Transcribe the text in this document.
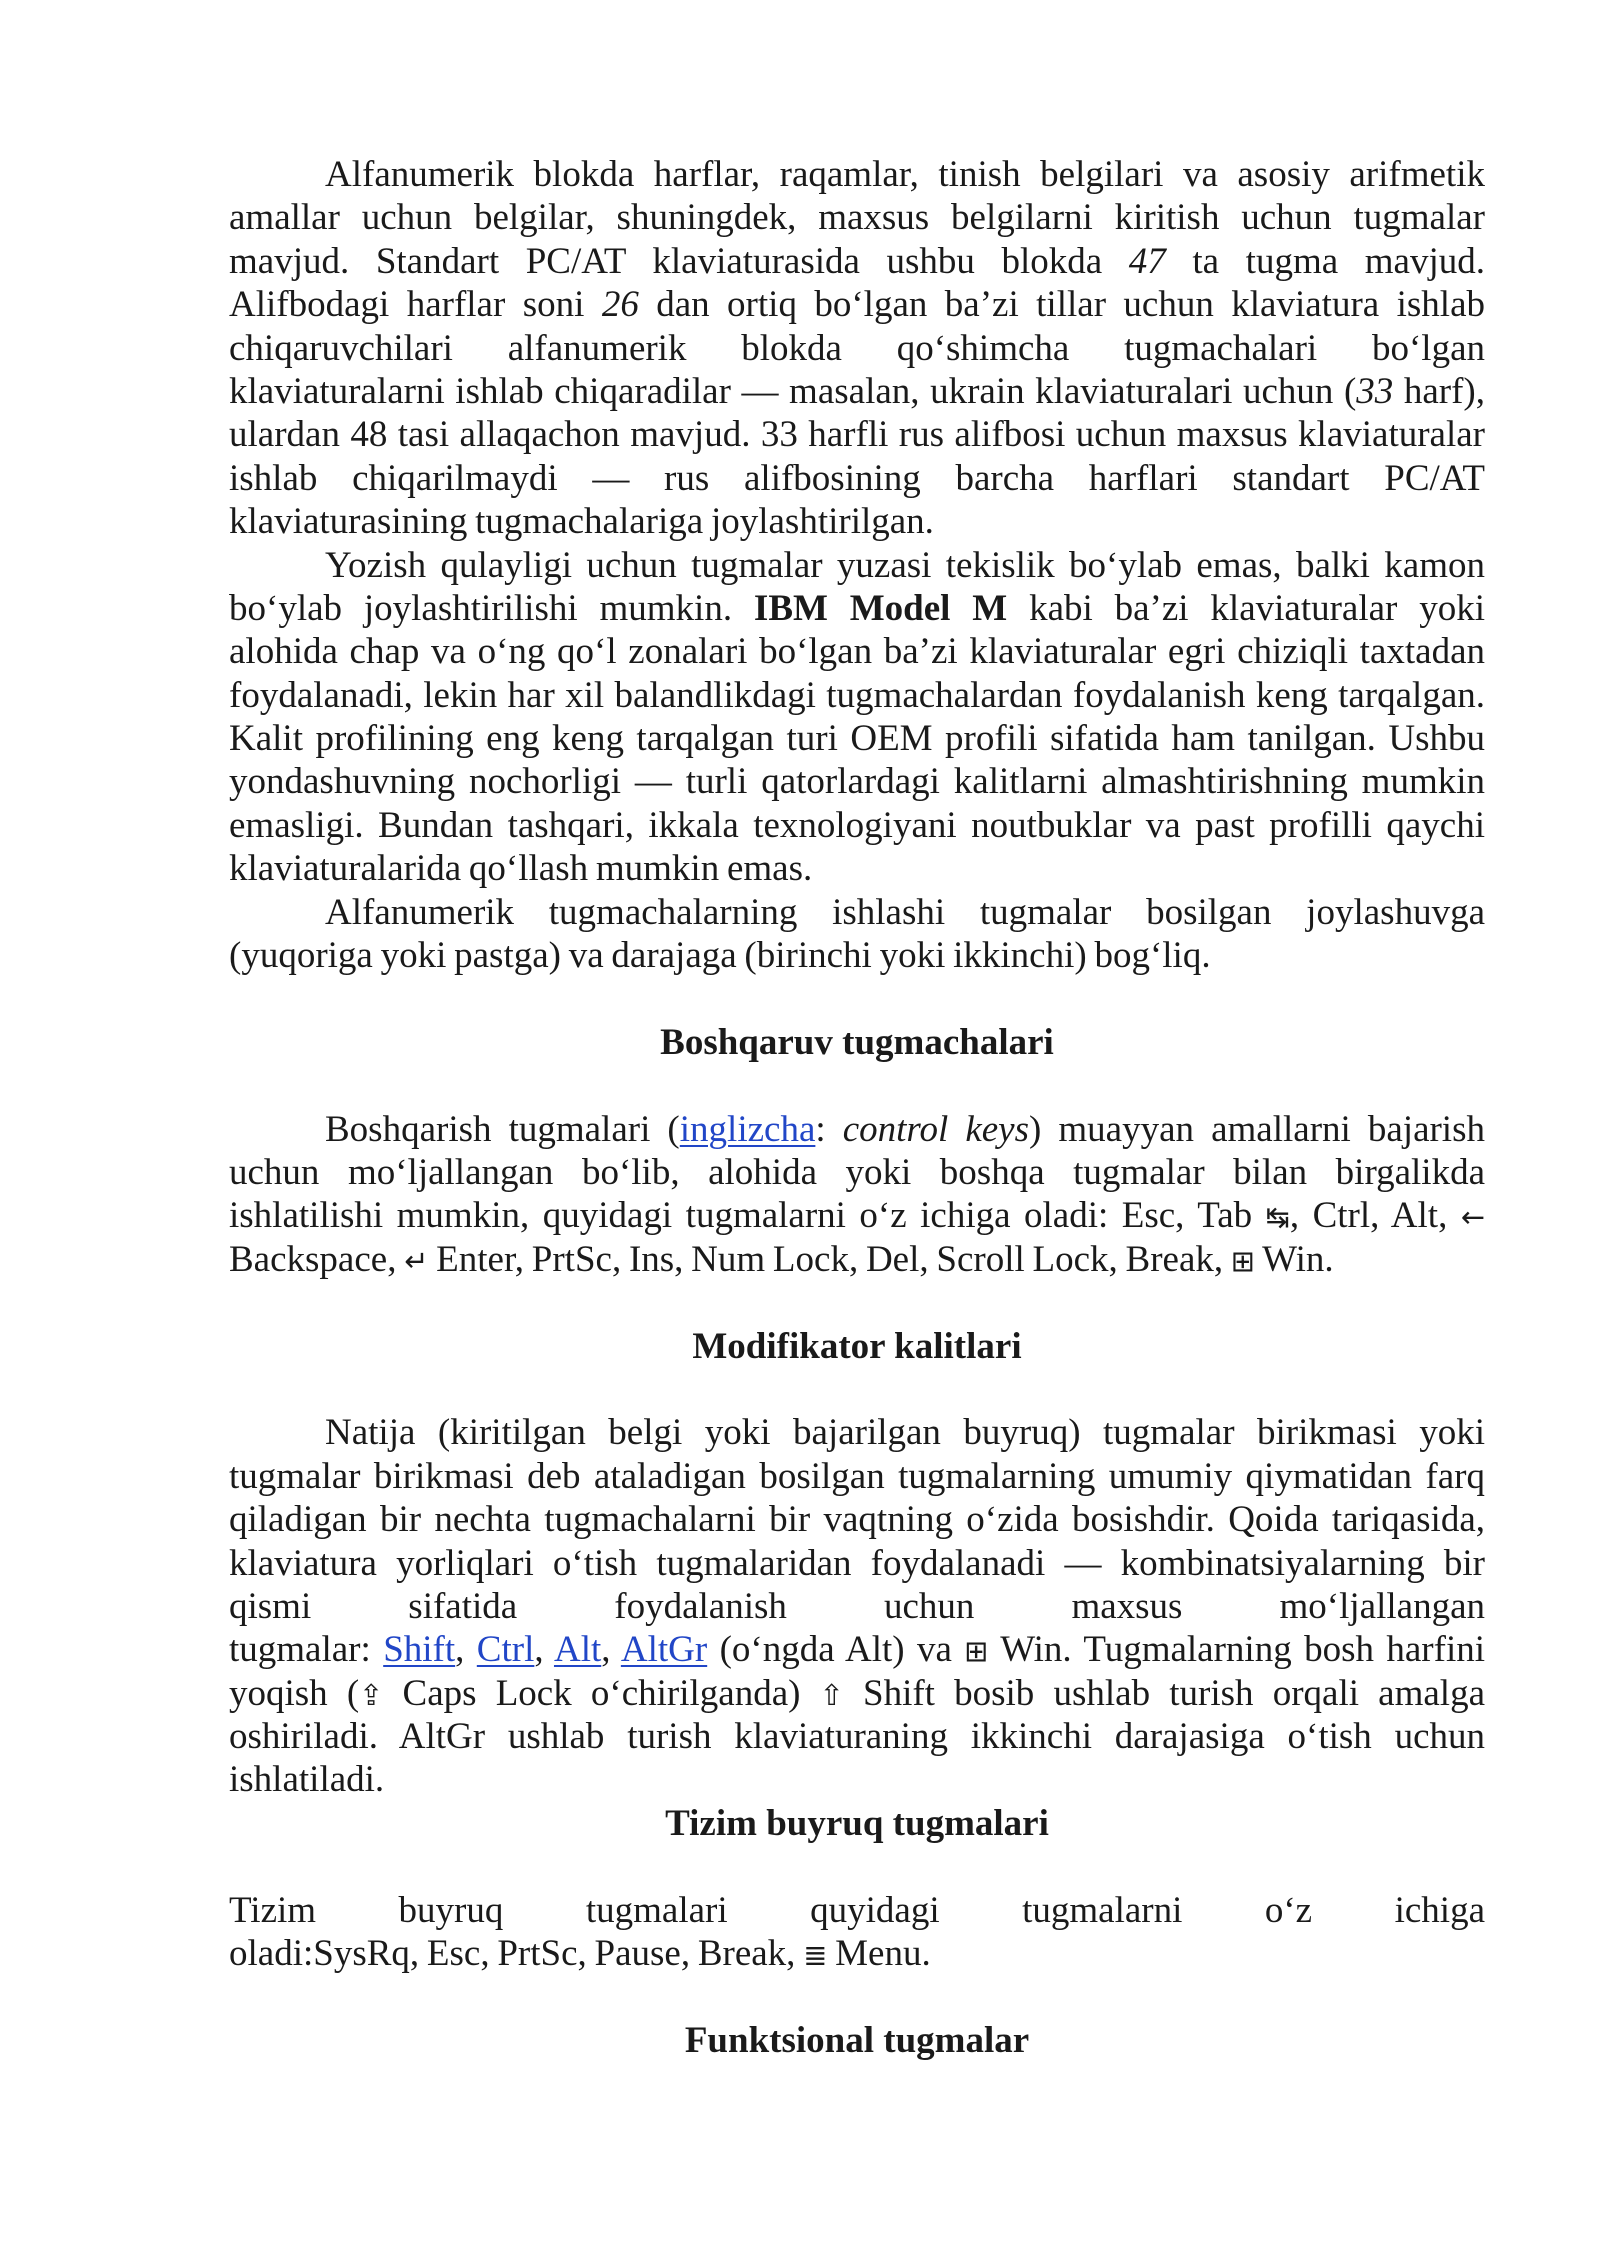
Alfanumerik blokda harflar, raqamlar, tinish belgilari va asosiy arifmetik
amallar uchun belgilar, shuningdek, maxsus belgilarni kiritish uchun tugmalar
mavjud. Standart PC/AT klaviaturasida ushbu blokda 47 ta tugma mavjud.
Alifbodagi harflar soni 26 dan ortiq bo‘lgan ba’zi tillar uchun klaviatura ishlab
chiqaruvchilari alfanumerik blokda qo‘shimcha tugmachalari bo‘lgan
klaviaturalarni ishlab chiqaradilar — masalan, ukrain klaviaturalari uchun (33 harf),
ulardan 48 tasi allaqachon mavjud. 33 harfli rus alifbosi uchun maxsus klaviaturalar
ishlab chiqarilmaydi — rus alifbosining barcha harflari standart PC/AT
klaviaturasining tugmachalariga joylashtirilgan.
Yozish qulayligi uchun tugmalar yuzasi tekislik bo‘ylab emas, balki kamon
bo‘ylab joylashtirilishi mumkin. IBM Model M kabi ba’zi klaviaturalar yoki
alohida chap va o‘ng qo‘l zonalari bo‘lgan ba’zi klaviaturalar egri chiziqli taxtadan
foydalanadi, lekin har xil balandlikdagi tugmachalardan foydalanish keng tarqalgan.
Kalit profilining eng keng tarqalgan turi OEM profili sifatida ham tanilgan. Ushbu
yondashuvning nochorligi — turli qatorlardagi kalitlarni almashtirishning mumkin
emasligi. Bundan tashqari, ikkala texnologiyani noutbuklar va past profilli qaychi
klaviaturalarida qo‘llash mumkin emas.
Alfanumerik tugmachalarning ishlashi tugmalar bosilgan joylashuvga
(yuqoriga yoki pastga) va darajaga (birinchi yoki ikkinchi) bog‘liq.
Boshqaruv tugmachalari
Boshqarish tugmalari (inglizcha: control keys) muayyan amallarni bajarish
uchun mo‘ljallangan bo‘lib, alohida yoki boshqa tugmalar bilan birgalikda
ishlatilishi mumkin, quyidagi tugmalarni o‘z ichiga oladi: Esc, Tab ↹, Ctrl, Alt, ←
Backspace, ↵ Enter, PrtSc, Ins, Num Lock, Del, Scroll Lock, Break, ⊞ Win.
Modifikator kalitlari
Natija (kiritilgan belgi yoki bajarilgan buyruq) tugmalar birikmasi yoki
tugmalar birikmasi deb ataladigan bosilgan tugmalarning umumiy qiymatidan farq
qiladigan bir nechta tugmachalarni bir vaqtning o‘zida bosishdir. Qoida tariqasida,
klaviatura yorliqlari o‘tish tugmalaridan foydalanadi — kombinatsiyalarning bir
qismi sifatida foydalanish uchun maxsus mo‘ljallangan
tugmalar: Shift, Ctrl, Alt, AltGr (o‘ngda Alt) va ⊞ Win. Tugmalarning bosh harfini
yoqish (⇪ Caps Lock o‘chirilganda) ⇧ Shift bosib ushlab turish orqali amalga
oshiriladi. AltGr ushlab turish klaviaturaning ikkinchi darajasiga o‘tish uchun
ishlatiladi.
Tizim buyruq tugmalari
Tizim buyruq tugmalari quyidagi tugmalarni o‘z ichiga
oladi:SysRq, Esc, PrtSc, Pause, Break, ≣ Menu.
Funktsional tugmalar
